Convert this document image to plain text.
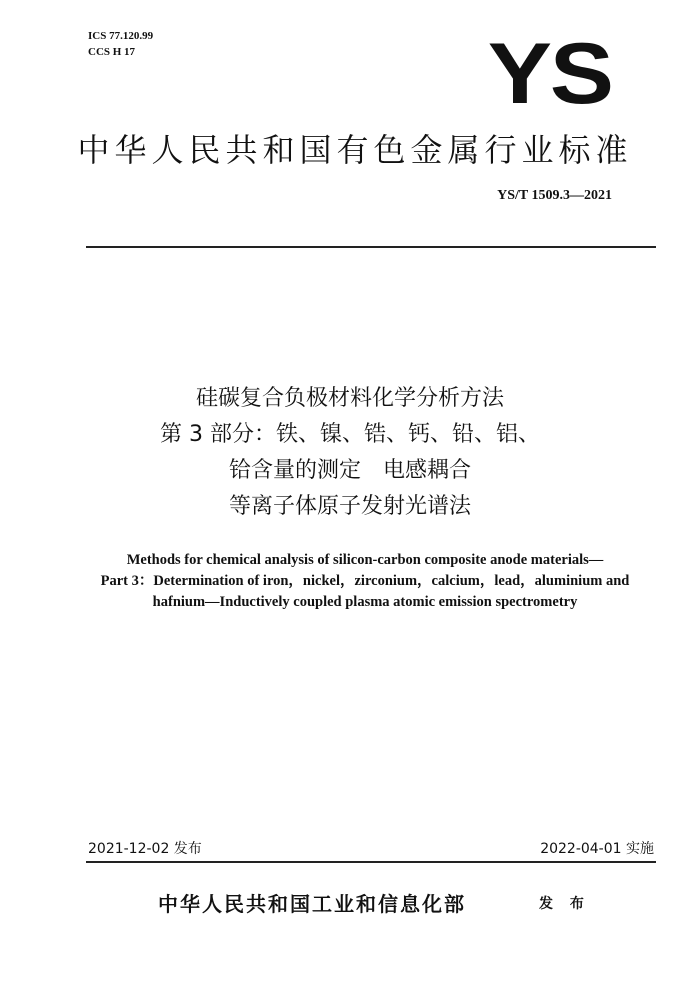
ICS 77.120.99
CCS H 17	YS
中华人民共和国有色金属行业标准
YS/T 1509.3—2021
硅碳复合负极材料化学分析方法
第 3 部分：铁、镍、锆、钙、铅、铝、
铪含量的测定　电感耦合
等离子体原子发射光谱法
Methods for chemical analysis of silicon-carbon composite anode materials—
Part 3：Determination of iron，nickel，zirconium，calcium，lead，aluminium and
hafnium—Inductively coupled plasma atomic emission spectrometry
2021-12-02 发布	2022-04-01 实施
中华人民共和国工业和信息化部	发 布
